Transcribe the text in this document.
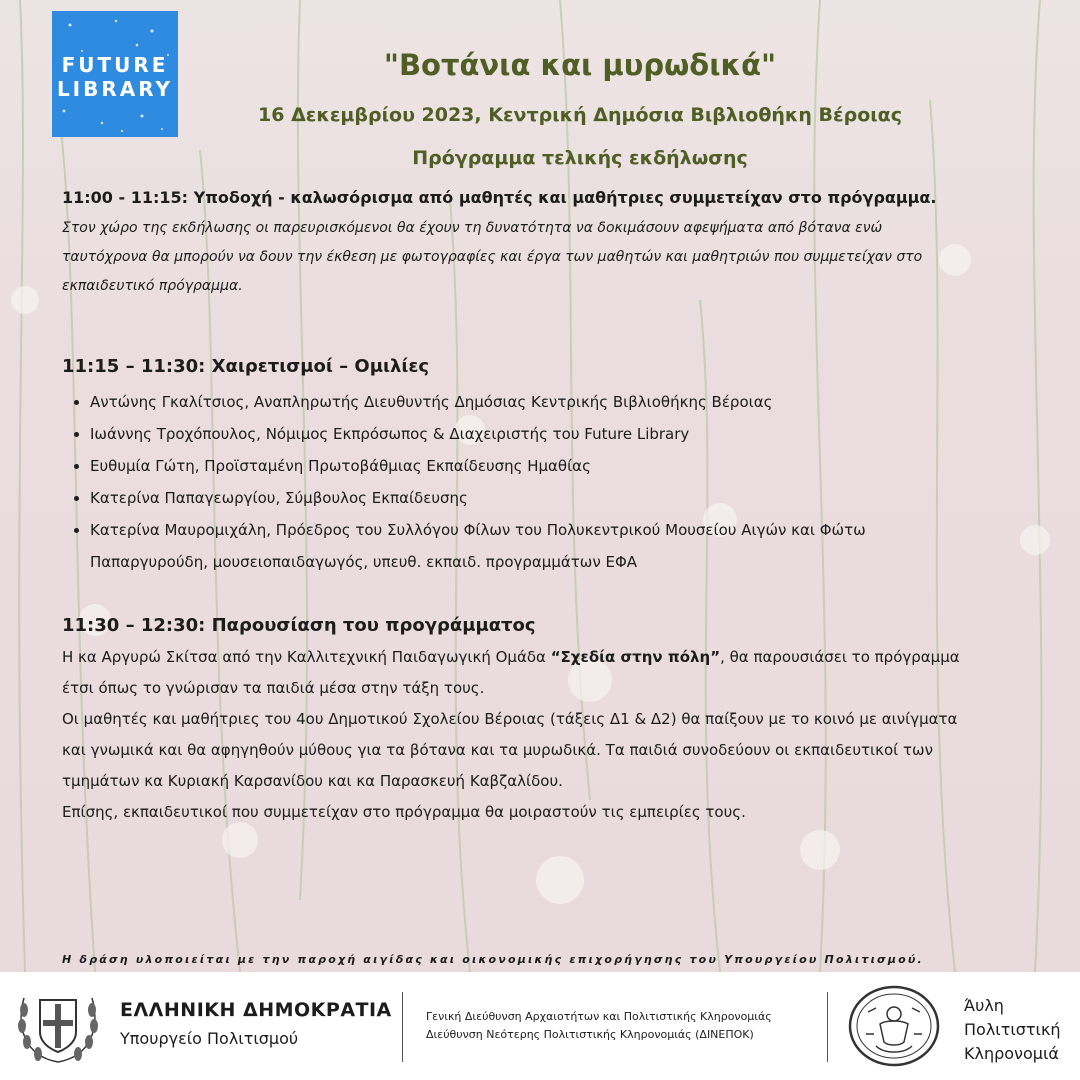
FUTURE
LIBRARY
"Βοτάνια και μυρωδικά"
16 Δεκεμβρίου 2023, Κεντρική Δημόσια Βιβλιοθήκη Βέροιας
Πρόγραμμα τελικής εκδήλωσης
11:00 - 11:15: Υποδοχή - καλωσόρισμα από μαθητές και μαθήτριες συμμετείχαν στο πρόγραμμα.
Στον χώρο της εκδήλωσης οι παρευρισκόμενοι θα έχουν τη δυνατότητα να δοκιμάσουν αφεψήματα από βότανα ενώ
ταυτόχρονα θα μπορούν να δουν την έκθεση με φωτογραφίες και έργα των μαθητών και μαθητριών που συμμετείχαν στο
εκπαιδευτικό πρόγραμμα.
11:15 – 11:30: Χαιρετισμοί – Ομιλίες
• Αντώνης Γκαλίτσιος, Αναπληρωτής Διευθυντής Δημόσιας Κεντρικής Βιβλιοθήκης Βέροιας
• Ιωάννης Τροχόπουλος, Νόμιμος Εκπρόσωπος & Διαχειριστής του Future Library
• Ευθυμία Γώτη, Προϊσταμένη Πρωτοβάθμιας Εκπαίδευσης Ημαθίας
• Κατερίνα Παπαγεωργίου, Σύμβουλος Εκπαίδευσης
• Κατερίνα Μαυρομιχάλη, Πρόεδρος του Συλλόγου Φίλων του Πολυκεντρικού Μουσείου Αιγών και Φώτω
Παπαργυρούδη, μουσειοπαιδαγωγός, υπευθ. εκπαιδ. προγραμμάτων ΕΦΑ
11:30 – 12:30: Παρουσίαση του προγράμματος
Η κα Αργυρώ Σκίτσα από την Καλλιτεχνική Παιδαγωγική Ομάδα “Σχεδία στην πόλη”, θα παρουσιάσει το πρόγραμμα
έτσι όπως το γνώρισαν τα παιδιά μέσα στην τάξη τους.
Οι μαθητές και μαθήτριες του 4ου Δημοτικού Σχολείου Βέροιας (τάξεις Δ1 & Δ2) θα παίξουν με το κοινό με αινίγματα
και γνωμικά και θα αφηγηθούν μύθους για τα βότανα και τα μυρωδικά. Τα παιδιά συνοδεύουν οι εκπαιδευτικοί των
τμημάτων κα Κυριακή Καρσανίδου και κα Παρασκευή Καβζαλίδου.
Επίσης, εκπαιδευτικοί που συμμετείχαν στο πρόγραμμα θα μοιραστούν τις εμπειρίες τους.
Η δράση υλοποιείται με την παροχή αιγίδας και οικονομικής επιχορήγησης του Υπουργείου Πολιτισμού.
ΕΛΛΗΝΙΚΗ ΔΗΜΟΚΡΑΤΙΑ
Υπουργείο Πολιτισμού
Γενική Διεύθυνση Αρχαιοτήτων και Πολιτιστικής Κληρονομιάς
Διεύθυνση Νεότερης Πολιτιστικής Κληρονομιάς (ΔΙΝΕΠΟΚ)
Άυλη
Πολιτιστική
Κληρονομιά
